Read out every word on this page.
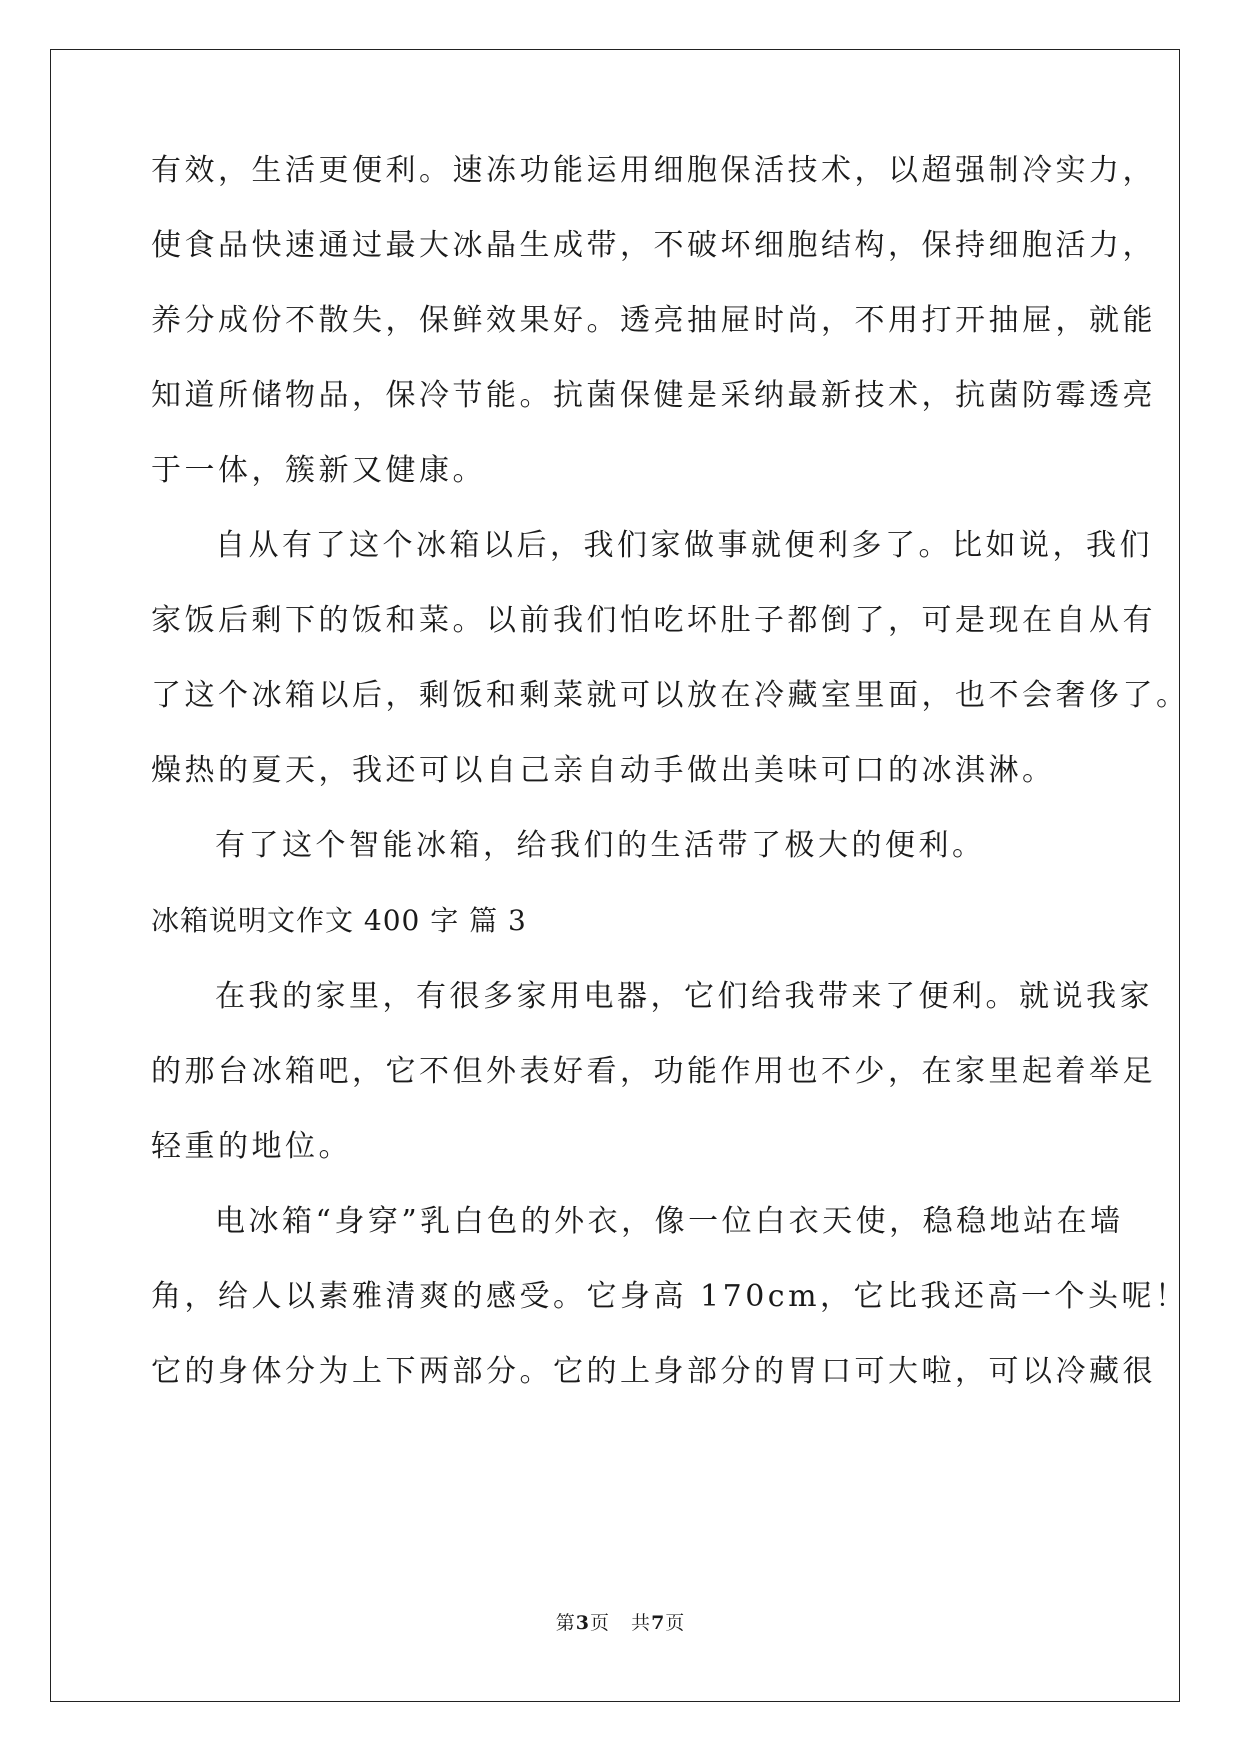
有效，生活更便利。速冻功能运用细胞保活技术，以超强制冷实力，
使食品快速通过最大冰晶生成带，不破坏细胞结构，保持细胞活力，
养分成份不散失，保鲜效果好。透亮抽屉时尚，不用打开抽屉，就能
知道所储物品，保冷节能。抗菌保健是采纳最新技术，抗菌防霉透亮
于一体，簇新又健康。
自从有了这个冰箱以后，我们家做事就便利多了。比如说，我们
家饭后剩下的饭和菜。以前我们怕吃坏肚子都倒了，可是现在自从有
了这个冰箱以后，剩饭和剩菜就可以放在冷藏室里面，也不会奢侈了。
燥热的夏天，我还可以自己亲自动手做出美味可口的冰淇淋。
有了这个智能冰箱，给我们的生活带了极大的便利。
冰箱说明文作文 400 字 篇 3
在我的家里，有很多家用电器，它们给我带来了便利。就说我家
的那台冰箱吧，它不但外表好看，功能作用也不少，在家里起着举足
轻重的地位。
电冰箱“身穿”乳白色的外衣，像一位白衣天使，稳稳地站在墙
角，给人以素雅清爽的感受。它身高 170cm，它比我还高一个头呢！
它的身体分为上下两部分。它的上身部分的胃口可大啦，可以冷藏很
第3页   共7页
